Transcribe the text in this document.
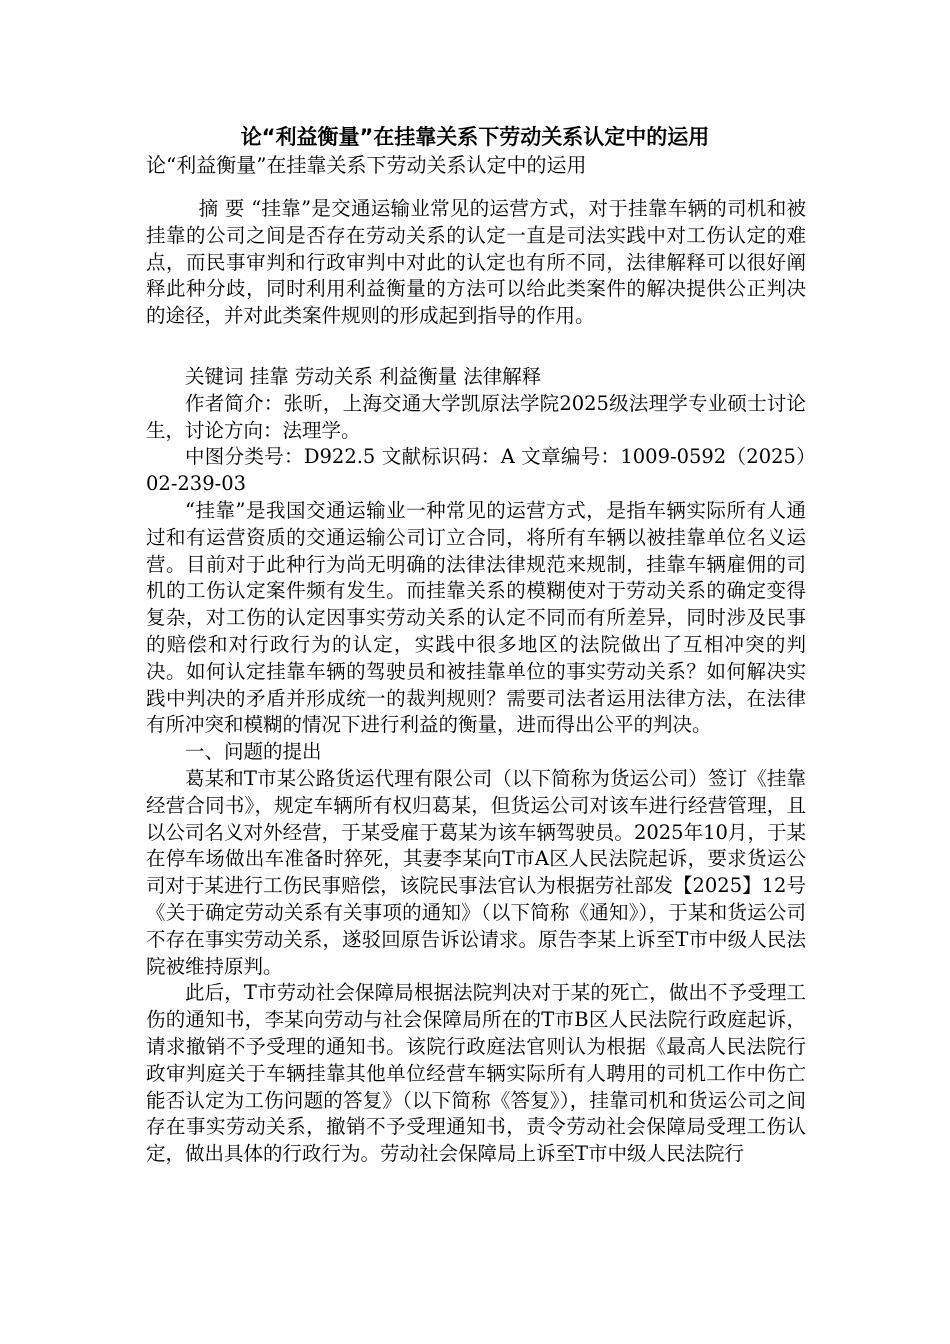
论“利益衡量”在挂靠关系下劳动关系认定中的运用
论“利益衡量”在挂靠关系下劳动关系认定中的运用

摘 要 “挂靠”是交通运输业常见的运营方式，对于挂靠车辆的司机和被挂靠的公司之间是否存在劳动关系的认定一直是司法实践中对工伤认定的难点，而民事审判和行政审判中对此的认定也有所不同，法律解释可以很好阐释此种分歧，同时利用利益衡量的方法可以给此类案件的解决提供公正判决的途径，并对此类案件规则的形成起到指导的作用。

关键词 挂靠 劳动关系 利益衡量 法律解释

作者简介：张昕，上海交通大学凯原法学院2025级法理学专业硕士讨论生，讨论方向：法理学。

中图分类号：D922.5 文献标识码：A 文章编号：1009-0592（2025）02-239-03

“挂靠”是我国交通运输业一种常见的运营方式，是指车辆实际所有人通过和有运营资质的交通运输公司订立合同，将所有车辆以被挂靠单位名义运营。目前对于此种行为尚无明确的法律法律规范来规制，挂靠车辆雇佣的司机的工伤认定案件频有发生。而挂靠关系的模糊使对于劳动关系的确定变得复杂，对工伤的认定因事实劳动关系的认定不同而有所差异，同时涉及民事的赔偿和对行政行为的认定，实践中很多地区的法院做出了互相冲突的判决。如何认定挂靠车辆的驾驶员和被挂靠单位的事实劳动关系？如何解决实践中判决的矛盾并形成统一的裁判规则？需要司法者运用法律方法，在法律有所冲突和模糊的情况下进行利益的衡量，进而得出公平的判决。

一、问题的提出

葛某和T市某公路货运代理有限公司（以下简称为货运公司）签订《挂靠经营合同书》，规定车辆所有权归葛某，但货运公司对该车进行经营管理，且以公司名义对外经营，于某受雇于葛某为该车辆驾驶员。2025年10月，于某在停车场做出车准备时猝死，其妻李某向T市A区人民法院起诉，要求货运公司对于某进行工伤民事赔偿，该院民事法官认为根据劳社部发【2025】12号《关于确定劳动关系有关事项的通知》（以下简称《通知》），于某和货运公司不存在事实劳动关系，遂驳回原告诉讼请求。原告李某上诉至T市中级人民法院被维持原判。

此后，T市劳动社会保障局根据法院判决对于某的死亡，做出不予受理工伤的通知书，李某向劳动与社会保障局所在的T市B区人民法院行政庭起诉，请求撤销不予受理的通知书。该院行政庭法官则认为根据《最高人民法院行政审判庭关于车辆挂靠其他单位经营车辆实际所有人聘用的司机工作中伤亡能否认定为工伤问题的答复》（以下简称《答复》），挂靠司机和货运公司之间存在事实劳动关系，撤销不予受理通知书，责令劳动社会保障局受理工伤认定，做出具体的行政行为。劳动社会保障局上诉至T市中级人民法院行
